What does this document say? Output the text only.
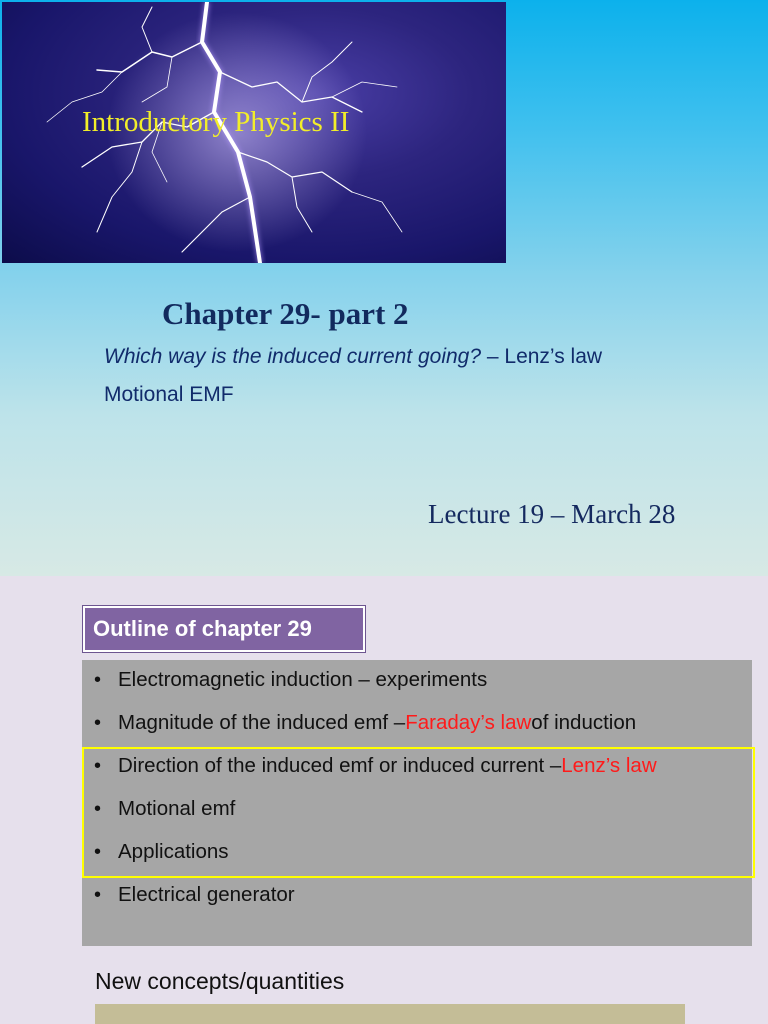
Introductory Physics II
Chapter 29- part 2
Which way is the induced current going? – Lenz’s law
Motional EMF
Lecture 19 – March 28
Outline of chapter 29
• Electromagnetic induction – experiments
• Magnitude of the induced emf – Faraday’s law of induction
• Direction of the induced emf or induced current – Lenz’s law
• Motional emf
• Applications
• Electrical generator
New concepts/quantities
